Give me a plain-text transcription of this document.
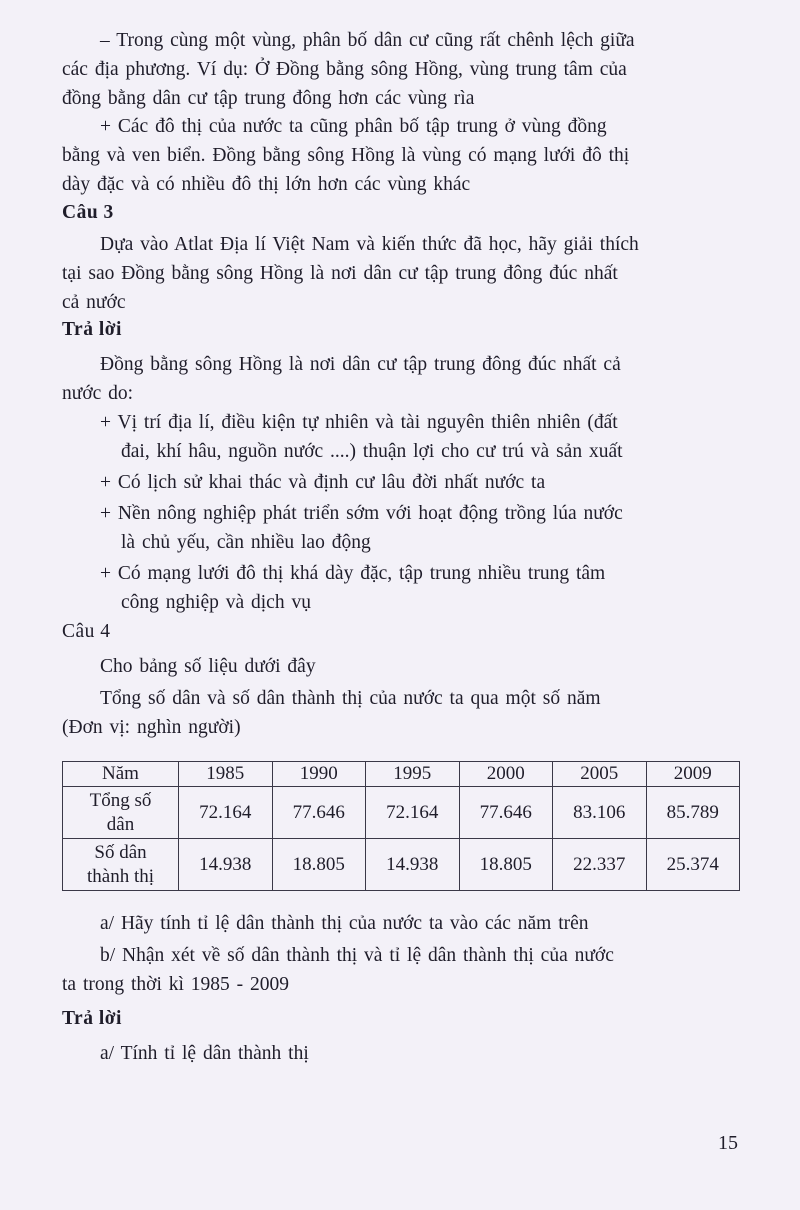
– Trong cùng một vùng, phân bố dân cư cũng rất chênh lệch giữa
các địa phương. Ví dụ: Ở Đồng bằng sông Hồng, vùng trung tâm của
đồng bằng dân cư tập trung đông hơn các vùng rìa
+ Các đô thị của nước ta cũng phân bố tập trung ở vùng đồng
bằng và ven biển. Đồng bằng sông Hồng là vùng có mạng lưới đô thị
dày đặc và có nhiều đô thị lớn hơn các vùng khác
Câu 3
Dựa vào Atlat Địa lí Việt Nam và kiến thức đã học, hãy giải thích
tại sao Đồng bằng sông Hồng là nơi dân cư tập trung đông đúc nhất
cả nước
Trả lời
Đồng bằng sông Hồng là nơi dân cư tập trung đông đúc nhất cả
nước do:
+ Vị trí địa lí, điều kiện tự nhiên và tài nguyên thiên nhiên (đất
đai, khí hâu, nguồn nước ....) thuận lợi cho cư trú và sản xuất
+ Có lịch sử khai thác và định cư lâu đời nhất nước ta
+ Nền nông nghiệp phát triển sớm với hoạt động trồng lúa nước
là chủ yếu, cần nhiều lao động
+ Có mạng lưới đô thị khá dày đặc, tập trung nhiều trung tâm
công nghiệp và dịch vụ
Câu 4
Cho bảng số liệu dưới đây
Tổng số dân và số dân thành thị của nước ta qua một số năm
(Đơn vị: nghìn người)
Năm	1985	1990	1995	2000	2005	2009
Tổng số
dân	72.164	77.646	72.164	77.646	83.106	85.789
Số dân
thành thị	14.938	18.805	14.938	18.805	22.337	25.374
a/ Hãy tính tỉ lệ dân thành thị của nước ta vào các năm trên
b/ Nhận xét về số dân thành thị và tỉ lệ dân thành thị của nước
ta trong thời kì 1985 - 2009
Trả lời
a/ Tính tỉ lệ dân thành thị
15
